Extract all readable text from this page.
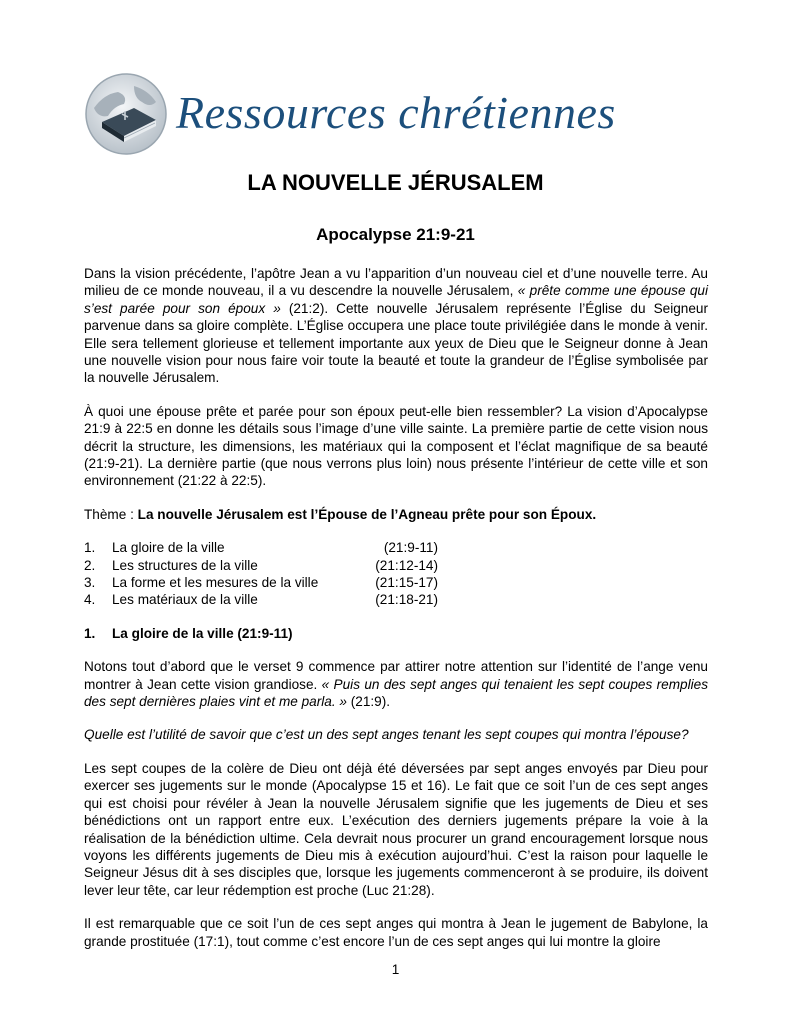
Ressources chrétiennes
LA NOUVELLE JÉRUSALEM
Apocalypse 21:9-21

Dans la vision précédente, l’apôtre Jean a vu l’apparition d’un nouveau ciel et d’une nouvelle terre. Au milieu de ce monde nouveau, il a vu descendre la nouvelle Jérusalem, « prête comme une épouse qui s’est parée pour son époux » (21:2). Cette nouvelle Jérusalem représente l’Église du Seigneur parvenue dans sa gloire complète. L’Église occupera une place toute privilégiée dans le monde à venir. Elle sera tellement glorieuse et tellement importante aux yeux de Dieu que le Seigneur donne à Jean une nouvelle vision pour nous faire voir toute la beauté et toute la grandeur de l’Église symbolisée par la nouvelle Jérusalem.

À quoi une épouse prête et parée pour son époux peut-elle bien ressembler? La vision d’Apocalypse 21:9 à 22:5 en donne les détails sous l’image d’une ville sainte. La première partie de cette vision nous décrit la structure, les dimensions, les matériaux qui la composent et l’éclat magnifique de sa beauté (21:9-21). La dernière partie (que nous verrons plus loin) nous présente l’intérieur de cette ville et son environnement (21:22 à 22:5).

Thème : La nouvelle Jérusalem est l’Épouse de l’Agneau prête pour son Époux.
1.	La gloire de la ville	(21:9-11)
2.	Les structures de la ville	(21:12-14)
3.	La forme et les mesures de la ville	(21:15-17)
4.	Les matériaux de la ville	(21:18-21)
1.	La gloire de la ville (21:9-11)

Notons tout d’abord que le verset 9 commence par attirer notre attention sur l’identité de l’ange venu montrer à Jean cette vision grandiose. « Puis un des sept anges qui tenaient les sept coupes remplies des sept dernières plaies vint et me parla. » (21:9).

Quelle est l’utilité de savoir que c’est un des sept anges tenant les sept coupes qui montra l’épouse?

Les sept coupes de la colère de Dieu ont déjà été déversées par sept anges envoyés par Dieu pour exercer ses jugements sur le monde (Apocalypse 15 et 16). Le fait que ce soit l’un de ces sept anges qui est choisi pour révéler à Jean la nouvelle Jérusalem signifie que les jugements de Dieu et ses bénédictions ont un rapport entre eux. L’exécution des derniers jugements prépare la voie à la réalisation de la bénédiction ultime. Cela devrait nous procurer un grand encouragement lorsque nous voyons les différents jugements de Dieu mis à exécution aujourd’hui. C’est la raison pour laquelle le Seigneur Jésus dit à ses disciples que, lorsque les jugements commenceront à se produire, ils doivent lever leur tête, car leur rédemption est proche (Luc 21:28).

Il est remarquable que ce soit l’un de ces sept anges qui montra à Jean le jugement de Babylone, la grande prostituée (17:1), tout comme c’est encore l’un de ces sept anges qui lui montre la gloire

1
